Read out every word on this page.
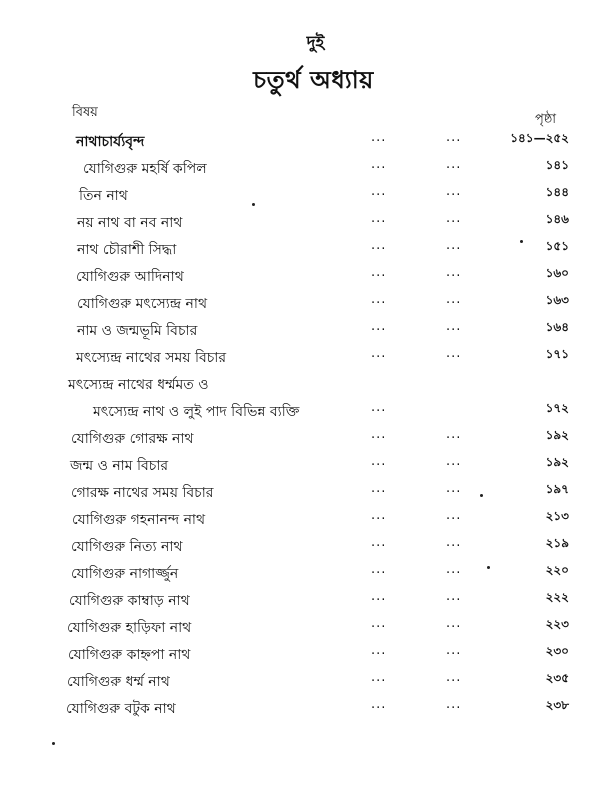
দুই
চতুর্থ অধ্যায়
বিষয়	পৃষ্ঠা
নাথাচার্য্যবৃন্দ	...	...	১৪১—২৫২
যোগিগুরু মহর্ষি কপিল	...	...	১৪১
তিন নাথ	...	...	১৪৪
নয় নাথ বা নব নাথ	...	...	১৪৬
নাথ চৌরাশী সিদ্ধা	...	...	১৫১
যোগিগুরু আদিনাথ	...	...	১৬০
যোগিগুরু মৎস্যেন্দ্র নাথ	...	...	১৬৩
নাম ও জন্মভূমি বিচার	...	...	১৬৪
মৎস্যেন্দ্র নাথের সময় বিচার	...	...	১৭১
মৎস্যেন্দ্র নাথের ধর্ম্মমত ও
মৎস্যেন্দ্র নাথ ও লুই পাদ বিভিন্ন ব্যক্তি	...	১৭২
যোগিগুরু গোরক্ষ নাথ	...	...	১৯২
জন্ম ও নাম বিচার	...	...	১৯২
গোরক্ষ নাথের সময় বিচার	...	...	১৯৭
যোগিগুরু গহনানন্দ নাথ	...	...	২১৩
যোগিগুরু নিত্য নাথ	...	...	২১৯
যোগিগুরু নাগার্জ্জুন	...	...	২২০
যোগিগুরু কাম্বাড় নাথ	...	...	২২২
যোগিগুরু হাড়িফা নাথ	...	...	২২৩
যোগিগুরু কাহ্নপা নাথ	...	...	২৩০
যোগিগুরু ধর্ম্ম নাথ	...	...	২৩৫
যোগিগুরু বটুক নাথ	...	...	২৩৮
